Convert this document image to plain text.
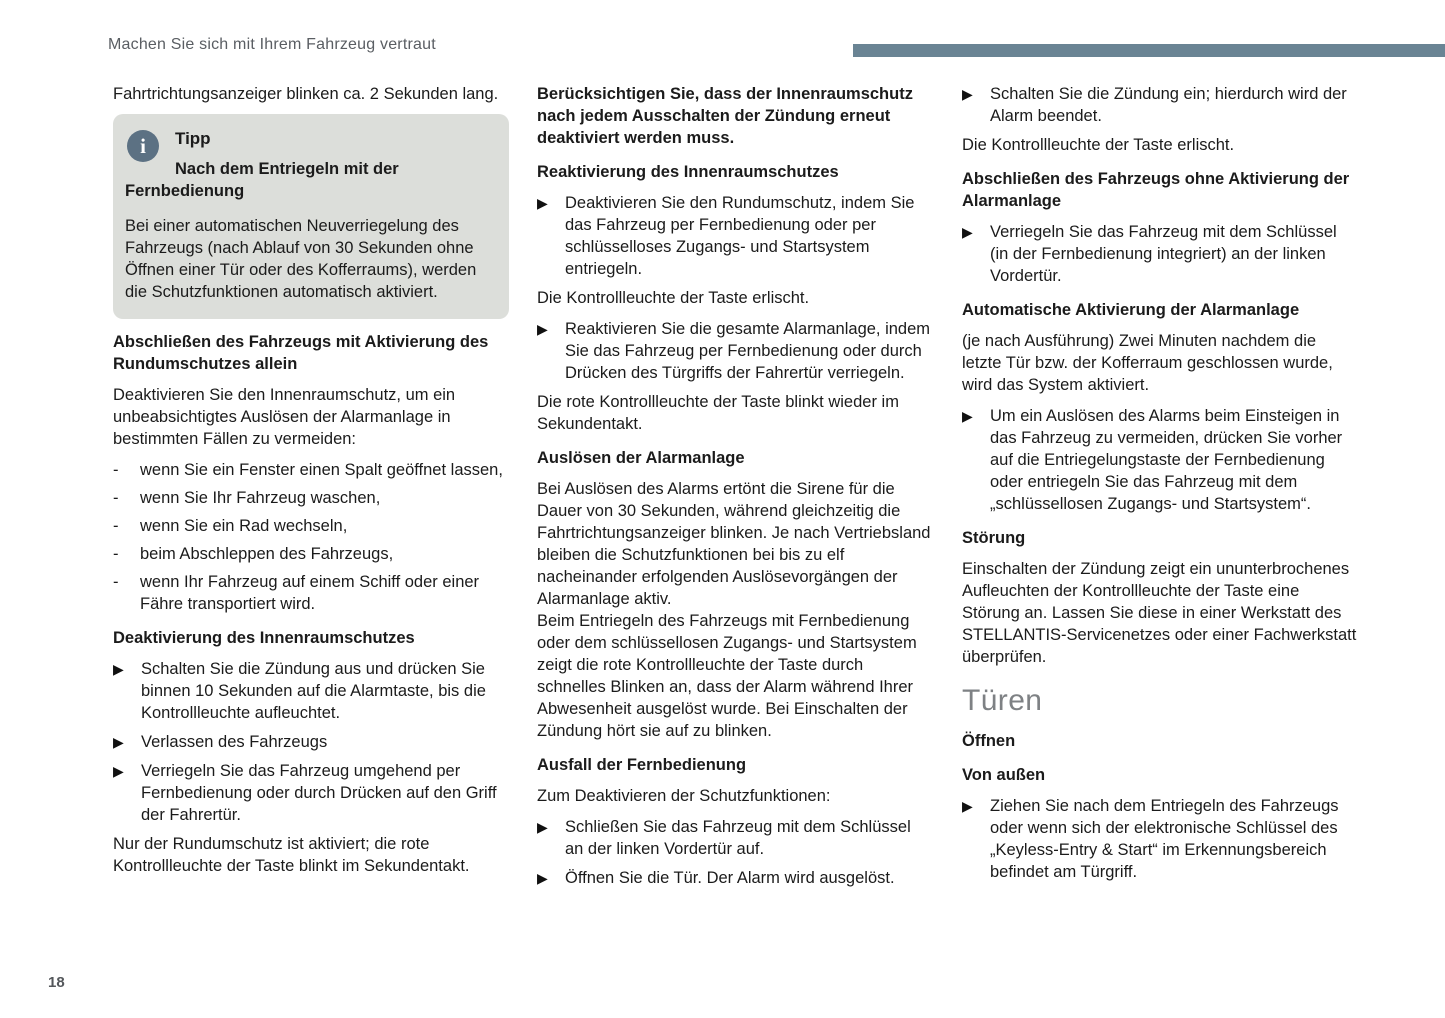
Machen Sie sich mit Ihrem Fahrzeug vertraut

Fahrtrichtungsanzeiger blinken ca. 2 Sekunden lang.

i	Tipp
Nach dem Entriegeln mit der Fernbedienung

Bei einer automatischen Neuverriegelung des Fahrzeugs (nach Ablauf von 30 Sekunden ohne Öffnen einer Tür oder des Kofferraums), werden die Schutzfunktionen automatisch aktiviert.

Abschließen des Fahrzeugs mit Aktivierung des Rundumschutzes allein

Deaktivieren Sie den Innenraumschutz, um ein unbeabsichtigtes Auslösen der Alarmanlage in bestimmten Fällen zu vermeiden:

-	wenn Sie ein Fenster einen Spalt geöffnet lassen,
-	wenn Sie Ihr Fahrzeug waschen,
-	wenn Sie ein Rad wechseln,
-	beim Abschleppen des Fahrzeugs,
-	wenn Ihr Fahrzeug auf einem Schiff oder einer Fähre transportiert wird.
Deaktivierung des Innenraumschutzes
▶	Schalten Sie die Zündung aus und drücken Sie binnen 10 Sekunden auf die Alarmtaste, bis die Kontrollleuchte aufleuchtet.
▶	Verlassen des Fahrzeugs
▶	Verriegeln Sie das Fahrzeug umgehend per Fernbedienung oder durch Drücken auf den Griff der Fahrertür.

Nur der Rundumschutz ist aktiviert; die rote Kontrollleuchte der Taste blinkt im Sekundentakt.

Berücksichtigen Sie, dass der Innenraumschutz nach jedem Ausschalten der Zündung erneut deaktiviert werden muss.

Reaktivierung des Innenraumschutzes
▶	Deaktivieren Sie den Rundumschutz, indem Sie das Fahrzeug per Fernbedienung oder per schlüsselloses Zugangs- und Startsystem entriegeln.

Die Kontrollleuchte der Taste erlischt.

▶	Reaktivieren Sie die gesamte Alarmanlage, indem Sie das Fahrzeug per Fernbedienung oder durch Drücken des Türgriffs der Fahrertür verriegeln.

Die rote Kontrollleuchte der Taste blinkt wieder im Sekundentakt.

Auslösen der Alarmanlage

Bei Auslösen des Alarms ertönt die Sirene für die Dauer von 30 Sekunden, während gleichzeitig die Fahrtrichtungsanzeiger blinken. Je nach Vertriebsland bleiben die Schutzfunktionen bei bis zu elf nacheinander erfolgenden Auslösevorgängen der Alarmanlage aktiv.

Beim Entriegeln des Fahrzeugs mit Fernbedienung oder dem schlüssellosen Zugangs- und Startsystem zeigt die rote Kontrollleuchte der Taste durch schnelles Blinken an, dass der Alarm während Ihrer Abwesenheit ausgelöst wurde. Bei Einschalten der Zündung hört sie auf zu blinken.

Ausfall der Fernbedienung

Zum Deaktivieren der Schutzfunktionen:

▶	Schließen Sie das Fahrzeug mit dem Schlüssel an der linken Vordertür auf.
▶	Öffnen Sie die Tür. Der Alarm wird ausgelöst.
▶	Schalten Sie die Zündung ein; hierdurch wird der Alarm beendet.

Die Kontrollleuchte der Taste erlischt.

Abschließen des Fahrzeugs ohne Aktivierung der Alarmanlage
▶	Verriegeln Sie das Fahrzeug mit dem Schlüssel (in der Fernbedienung integriert) an der linken Vordertür.
Automatische Aktivierung der Alarmanlage

(je nach Ausführung) Zwei Minuten nachdem die letzte Tür bzw. der Kofferraum geschlossen wurde, wird das System aktiviert.

▶	Um ein Auslösen des Alarms beim Einsteigen in das Fahrzeug zu vermeiden, drücken Sie vorher auf die Entriegelungstaste der Fernbedienung oder entriegeln Sie das Fahrzeug mit dem „schlüssellosen Zugangs- und Startsystem“.
Störung

Einschalten der Zündung zeigt ein ununterbrochenes Aufleuchten der Kontrollleuchte der Taste eine Störung an. Lassen Sie diese in einer Werkstatt des STELLANTIS-Servicenetzes oder einer Fachwerkstatt überprüfen.

Türen
Öffnen
Von außen
▶	Ziehen Sie nach dem Entriegeln des Fahrzeugs oder wenn sich der elektronische Schlüssel des „Keyless-Entry & Start“ im Erkennungsbereich befindet am Türgriff.
18
